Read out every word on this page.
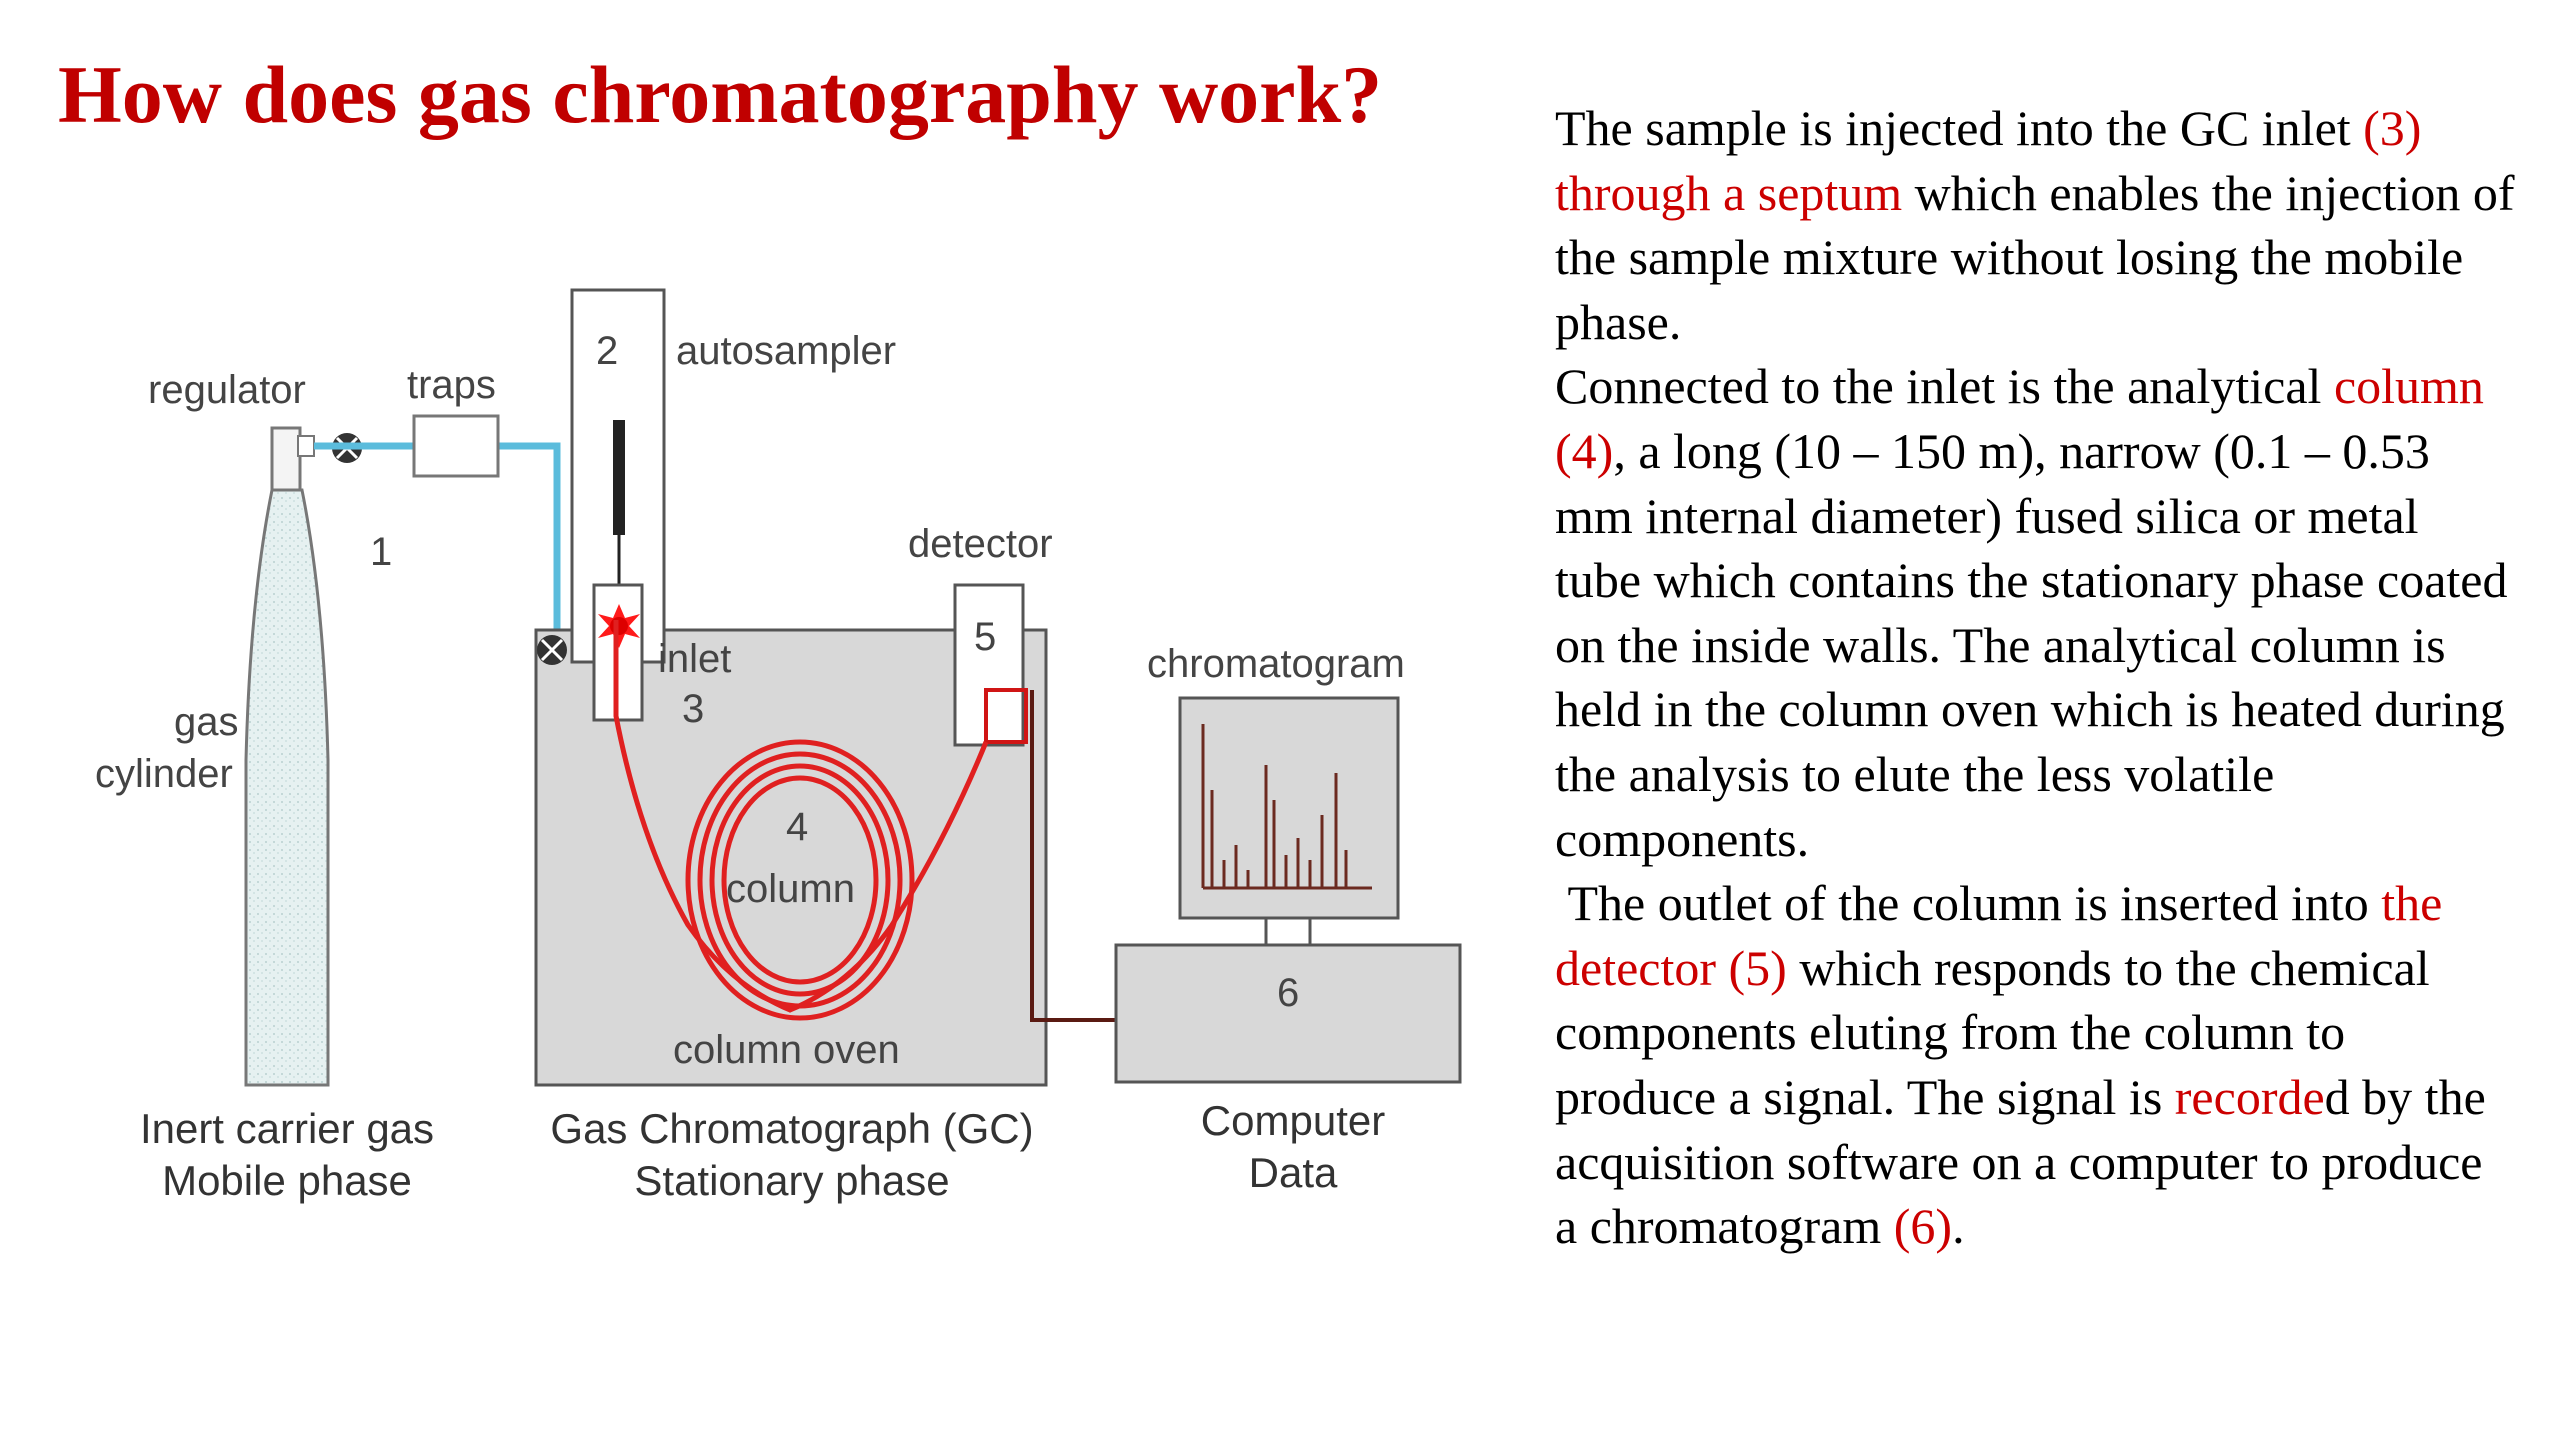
How does gas chromatography work?
regulator	traps
2 autosampler
1
gas
cylinder
detector
5
inlet
3
4
column
column oven
chromatogram
6
Inert carrier gas
Mobile phase
Gas Chromatograph (GC)
Stationary phase
Computer
Data
The sample is injected into the GC inlet (3) through a septum which enables the injection of the sample mixture without losing the mobile phase.
Connected to the inlet is the analytical column (4), a long (10 – 150 m), narrow (0.1 – 0.53 mm internal diameter) fused silica or metal tube which contains the stationary phase coated on the inside walls. The analytical column is held in the column oven which is heated during the analysis to elute the less volatile components.
The outlet of the column is inserted into the detector (5) which responds to the chemical components eluting from the column to produce a signal. The signal is recorded by the acquisition software on a computer to produce a chromatogram (6).
